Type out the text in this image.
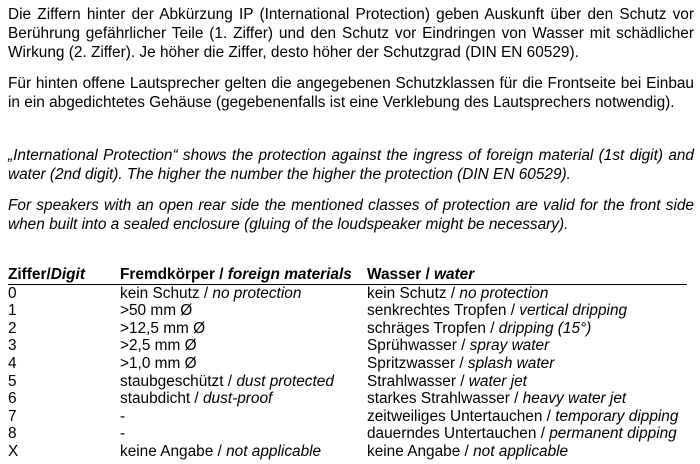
Die Ziffern hinter der Abkürzung IP (International Protection) geben Auskunft über den Schutz vor Berührung gefährlicher Teile (1. Ziffer) und den Schutz vor Eindringen von Wasser mit schädlicher Wirkung (2. Ziffer). Je höher die Ziffer, desto höher der Schutzgrad (DIN EN 60529).

Für hinten offene Lautsprecher gelten die angegebenen Schutzklassen für die Frontseite bei Einbau in ein abgedichtetes Gehäuse (gegebenenfalls ist eine Verklebung des Lautsprechers notwendig).

„International Protection“ shows the protection against the ingress of foreign material (1st digit) and water (2nd digit). The higher the number the higher the protection (DIN EN 60529).

For speakers with an open rear side the mentioned classes of protection are valid for the front side when built into a sealed enclosure (gluing of the loudspeaker might be necessary).

Ziffer/Digit	Fremdkörper / foreign materials	Wasser / water
0	kein Schutz / no protection	kein Schutz / no protection
1	>50 mm Ø	senkrechtes Tropfen / vertical dripping
2	>12,5 mm Ø	schräges Tropfen / dripping (15°)
3	>2,5 mm Ø	Sprühwasser / spray water
4	>1,0 mm Ø	Spritzwasser / splash water
5	staubgeschützt / dust protected	Strahlwasser / water jet
6	staubdicht / dust-proof	starkes Strahlwasser / heavy water jet
7	-	zeitweiliges Untertauchen / temporary dipping
8	-	dauerndes Untertauchen / permanent dipping
X	keine Angabe / not applicable	keine Angabe / not applicable
